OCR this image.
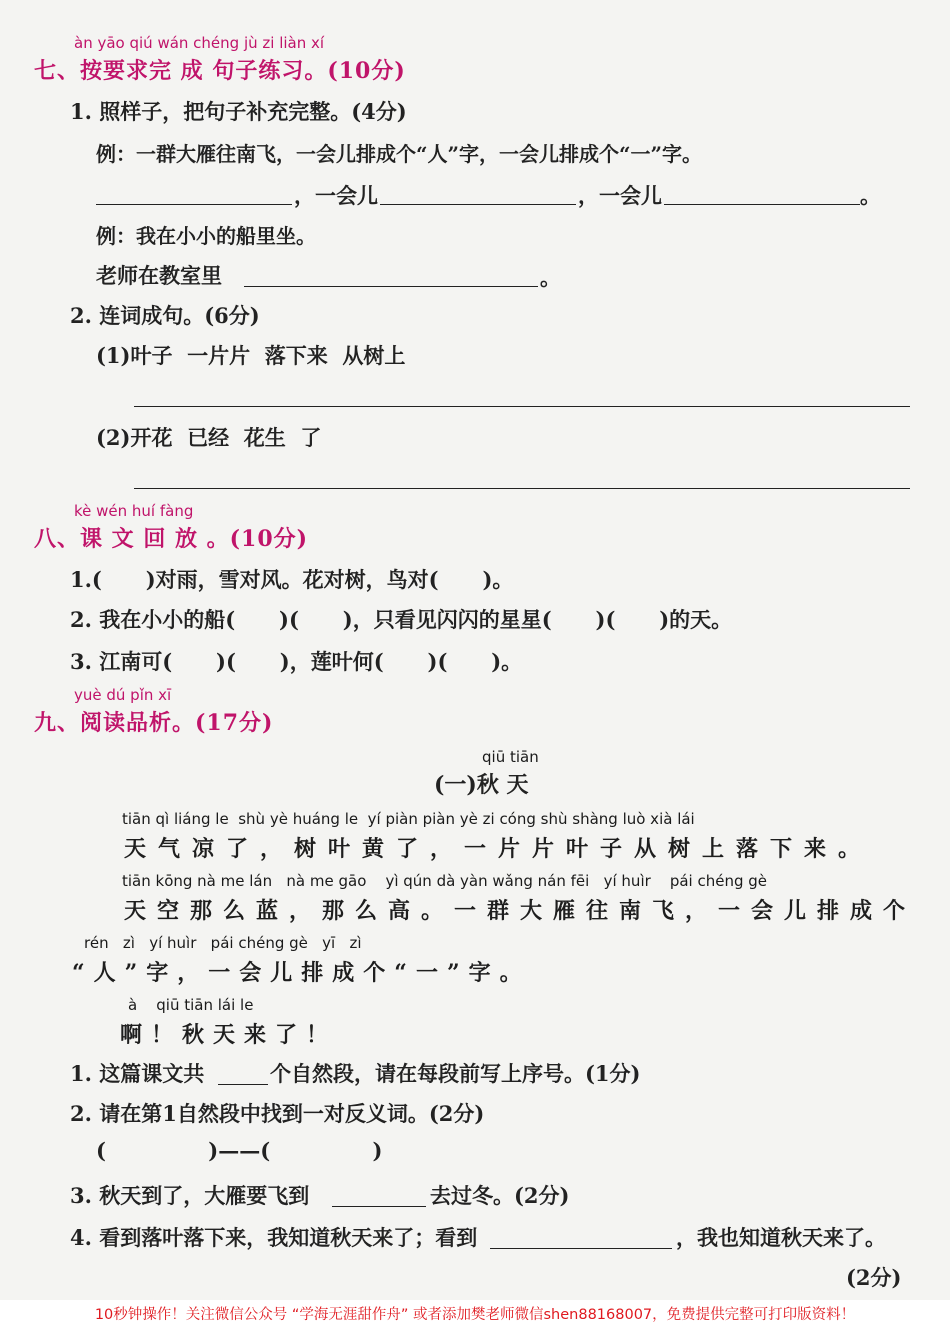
àn yāo qiú wán chéng jù zi liàn xí
七、按要求完 成 句子练习。(10分)
1. 照样子，把句子补充完整。(4分)
例：一群大雁往南飞，一会儿排成个“人”字，一会儿排成个“一”字。
，一会儿	，一会儿	。
例：我在小小的船里坐。
老师在教室里	。
2. 连词成句。(6分)
(1)叶子  一片片  落下来  从树上
(2)开花  已经  花生  了
kè wén huí fàng
八、课 文 回 放 。(10分)
1.(      )对雨，雪对风。花对树，鸟对(      )。
2. 我在小小的船(      )(      )，只看见闪闪的星星(      )(      )的天。
3. 江南可(      )(      )，莲叶何(      )(      )。
yuè dú pǐn xī
九、阅读品析。(17分)
qiū tiān
(一)秋 天
tiān qì liáng le  shù yè huáng le  yí piàn piàn yè zi cóng shù shàng luò xià lái
天气凉了，树叶黄了，一片片叶子从树上落下来。
tiān kōng nà me lán   nà me gāo    yì qún dà yàn wǎng nán fēi   yí huìr    pái chéng gè
天空那么蓝，那么高。一群大雁往南飞，一会儿排成个
rén   zì   yí huìr   pái chéng gè   yī   zì
“人”字，一会儿排成个“一”字。
à    qiū tiān lái le
啊！秋天来了！
1. 这篇课文共	个自然段，请在每段前写上序号。(1分)
2. 请在第1自然段中找到一对反义词。(2分)
(              )——(              )
3. 秋天到了，大雁要飞到	去过冬。(2分)
4. 看到落叶落下来，我知道秋天来了；看到	，我也知道秋天来了。
(2分)
10秒钟操作！关注微信公众号 “学海无涯甜作舟” 或者添加樊老师微信shen88168007，免费提供完整可打印版资料！
